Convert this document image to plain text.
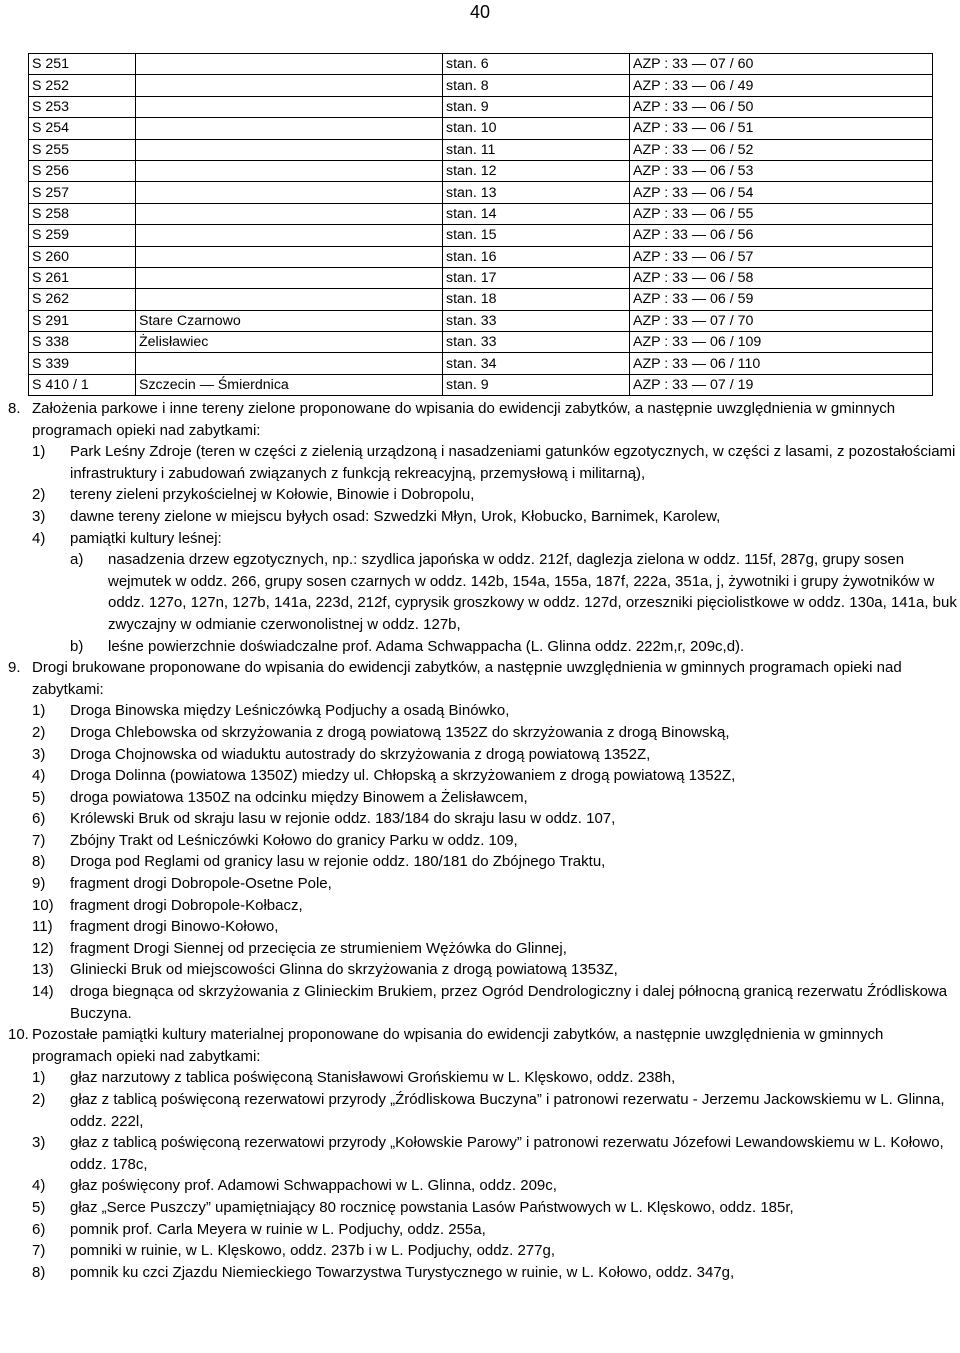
40
S 251		stan. 6	AZP : 33 — 07 / 60
S 252		stan. 8	AZP : 33 — 06 / 49
S 253		stan. 9	AZP : 33 — 06 / 50
S 254		stan. 10	AZP : 33 — 06 / 51
S 255		stan. 11	AZP : 33 — 06 / 52
S 256		stan. 12	AZP : 33 — 06 / 53
S 257		stan. 13	AZP : 33 — 06 / 54
S 258		stan. 14	AZP : 33 — 06 / 55
S 259		stan. 15	AZP : 33 — 06 / 56
S 260		stan. 16	AZP : 33 — 06 / 57
S 261		stan. 17	AZP : 33 — 06 / 58
S 262		stan. 18	AZP : 33 — 06 / 59
S 291	Stare Czarnowo	stan. 33	AZP : 33 — 07 / 70
S 338	Żelisławiec	stan. 33	AZP : 33 — 06 / 109
S 339		stan. 34	AZP : 33 — 06 / 110
S 410 / 1	Szczecin — Śmierdnica	stan. 9	AZP : 33 — 07 / 19
8. Założenia parkowe i inne tereny zielone proponowane do wpisania do ewidencji zabytków, a następnie uwzględnienia w gminnych programach opieki nad zabytkami:
1)	Park Leśny Zdroje (teren w części z zielenią urządzoną i nasadzeniami gatunków egzotycznych, w części z lasami, z pozostałościami infrastruktury i zabudowań związanych z funkcją rekreacyjną, przemysłową i militarną),
2)	tereny zieleni przykościelnej w Kołowie, Binowie i Dobropolu,
3)	dawne tereny zielone w miejscu byłych osad: Szwedzki Młyn, Urok, Kłobucko, Barnimek, Karolew,
4)	pamiątki kultury leśnej:
a)	nasadzenia drzew egzotycznych, np.: szydlica japońska w oddz. 212f, daglezja zielona w oddz. 115f, 287g, grupy sosen wejmutek w oddz. 266, grupy sosen czarnych w oddz. 142b, 154a, 155a, 187f, 222a, 351a, j, żywotniki i grupy żywotników w oddz. 127o, 127n, 127b, 141a, 223d, 212f, cyprysik groszkowy w oddz. 127d, orzeszniki pięciolistkowe w oddz. 130a, 141a, buk zwyczajny w odmianie czerwonolistnej w oddz. 127b,
b)	leśne powierzchnie doświadczalne prof. Adama Schwappacha (L. Glinna oddz. 222m,r, 209c,d).
9. Drogi brukowane proponowane do wpisania do ewidencji zabytków, a następnie uwzględnienia w gminnych programach opieki nad zabytkami:
1)	Droga Binowska między Leśniczówką Podjuchy a osadą Binówko,
2)	Droga Chlebowska od skrzyżowania z drogą powiatową 1352Z do skrzyżowania z drogą Binowską,
3)	Droga Chojnowska od wiaduktu autostrady do skrzyżowania z drogą powiatową 1352Z,
4)	Droga Dolinna (powiatowa 1350Z) miedzy ul. Chłopską a skrzyżowaniem z drogą powiatową 1352Z,
5)	droga powiatowa 1350Z na odcinku między Binowem a Żelisławcem,
6)	Królewski Bruk od skraju lasu w rejonie oddz. 183/184 do skraju lasu w oddz. 107,
7)	Zbójny Trakt od Leśniczówki Kołowo do granicy Parku w oddz. 109,
8)	Droga pod Reglami od granicy lasu w rejonie oddz. 180/181 do Zbójnego Traktu,
9)	fragment drogi Dobropole-Osetne Pole,
10)	fragment drogi Dobropole-Kołbacz,
11)	fragment drogi Binowo-Kołowo,
12)	fragment Drogi Siennej od przecięcia ze strumieniem Wężówka do Glinnej,
13)	Gliniecki Bruk od miejscowości Glinna do skrzyżowania z drogą powiatową 1353Z,
14)	droga biegnąca od skrzyżowania z Glinieckim Brukiem, przez Ogród Dendrologiczny i dalej północną granicą rezerwatu Źródliskowa Buczyna.
10. Pozostałe pamiątki kultury materialnej proponowane do wpisania do ewidencji zabytków, a następnie uwzględnienia w gminnych programach opieki nad zabytkami:
1)	głaz narzutowy z tablica poświęconą Stanisławowi Grońskiemu w L. Klęskowo, oddz. 238h,
2)	głaz z tablicą poświęconą rezerwatowi przyrody „Źródliskowa Buczyna” i patronowi rezerwatu - Jerzemu Jackowskiemu w L. Glinna, oddz. 222l,
3)	głaz z tablicą poświęconą rezerwatowi przyrody „Kołowskie Parowy” i patronowi rezerwatu Józefowi Lewandowskiemu w L. Kołowo, oddz. 178c,
4)	głaz poświęcony prof. Adamowi Schwappachowi w L. Glinna, oddz. 209c,
5)	głaz „Serce Puszczy” upamiętniający 80 rocznicę powstania Lasów Państwowych w L. Klęskowo, oddz. 185r,
6)	pomnik prof. Carla Meyera w ruinie w L. Podjuchy, oddz. 255a,
7)	pomniki w ruinie, w L. Klęskowo, oddz. 237b i w L. Podjuchy, oddz. 277g,
8)	pomnik ku czci Zjazdu Niemieckiego Towarzystwa Turystycznego w ruinie, w L. Kołowo, oddz. 347g,
